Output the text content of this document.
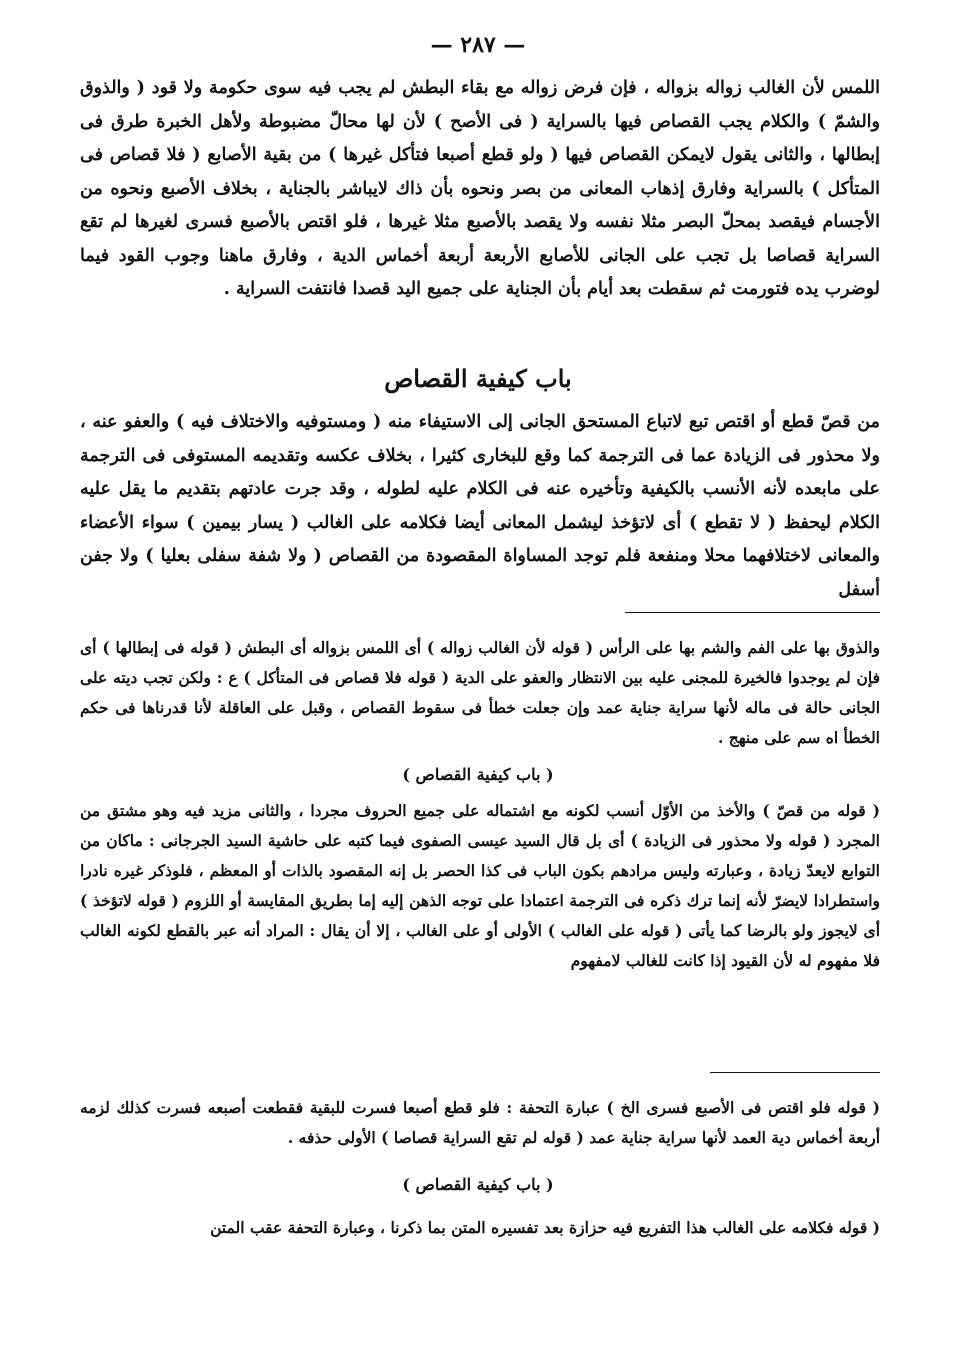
— ٢٨٧ —

اللمس لأن الغالب زواله بزواله ، فإن فرض زواله مع بقاء البطش لم يجب فيه سوى حكومة ولا قود ( والذوق والشمّ ) والكلام يجب القصاص فيها بالسراية ( فى الأصح ) لأن لها محالّ مضبوطة ولأهل الخبرة طرق فى إبطالها ، والثانى يقول لايمكن القصاص فيها ( ولو قطع أصبعا فتأكل غيرها ) من بقية الأصابع ( فلا قصاص فى المتأكل ) بالسراية وفارق إذهاب المعانى من بصر ونحوه بأن ذاك لايباشر بالجناية ، بخلاف الأصبع ونحوه من الأجسام فيقصد بمحلّ البصر مثلا نفسه ولا يقصد بالأصبع مثلا غيرها ، فلو اقتص بالأصبع فسرى لغيرها لم تقع السراية قصاصا بل تجب على الجانى للأصابع الأربعة أربعة أخماس الدية ، وفارق ماهنا وجوب القود فيما لوضرب يده فتورمت ثم سقطت بعد أيام بأن الجناية على جميع اليد قصدا فانتفت السراية .

باب كيفية القصاص

من قصّ قطع أو اقتص تبع لاتباع المستحق الجانى إلى الاستيفاء منه ( ومستوفيه والاختلاف فيه ) والعفو عنه ، ولا محذور فى الزيادة عما فى الترجمة كما وقع للبخارى كثيرا ، بخلاف عكسه وتقديمه المستوفى فى الترجمة على مابعده لأنه الأنسب بالكيفية وتأخيره عنه فى الكلام عليه لطوله ، وقد جرت عادتهم بتقديم ما يقل عليه الكلام ليحفظ ( لا تقطع ) أى لاتؤخذ ليشمل المعانى أيضا فكلامه على الغالب ( يسار بيمين ) سواء الأعضاء والمعانى لاختلافهما محلا ومنفعة فلم توجد المساواة المقصودة من القصاص ( ولا شفة سفلى بعليا ) ولا جفن أسفل

والذوق بها على الفم والشم بها على الرأس ( قوله لأن الغالب زواله ) أى اللمس بزواله أى البطش ( قوله فى إبطالها ) أى فإن لم يوجدوا فالخيرة للمجنى عليه بين الانتظار والعفو على الدية ( قوله فلا قصاص فى المتأكل ) ع : ولكن تجب ديته على الجانى حالة فى ماله لأنها سراية جناية عمد وإن جعلت خطأ فى سقوط القصاص ، وقبل على العاقلة لأنا قدرناها فى حكم الخطأ اه سم على منهج .

( باب كيفية القصاص )

( قوله من قصّ ) والأخذ من الأوّل أنسب لكونه مع اشتماله على جميع الحروف مجردا ، والثانى مزيد فيه وهو مشتق من المجرد ( قوله ولا محذور فى الزيادة ) أى بل قال السيد عيسى الصفوى فيما كتبه على حاشية السيد الجرجانى : ماكان من التوابع لايعدّ زيادة ، وعبارته وليس مرادهم بكون الباب فى كذا الحصر بل إنه المقصود بالذات أو المعظم ، فلوذكر غيره نادرا واستطرادا لايضرّ لأنه إنما ترك ذكره فى الترجمة اعتمادا على توجه الذهن إليه إما بطريق المقايسة أو اللزوم ( قوله لاتؤخذ ) أى لايجوز ولو بالرضا كما يأتى ( قوله على الغالب ) الأولى أو على الغالب ، إلا أن يقال : المراد أنه عبر بالقطع لكونه الغالب فلا مفهوم له لأن القيود إذا كانت للغالب لامفهوم

( قوله فلو اقتص فى الأصبع فسرى الخ ) عبارة التحفة : فلو قطع أصبعا فسرت للبقية فقطعت أصبعه فسرت كذلك لزمه أربعة أخماس دية العمد لأنها سراية جناية عمد ( قوله لم تقع السراية قصاصا ) الأولى حذفه .

( باب كيفية القصاص )

( قوله فكلامه على الغالب هذا التفريع فيه حزازة بعد تفسيره المتن بما ذكرنا ، وعبارة التحفة عقب المتن
